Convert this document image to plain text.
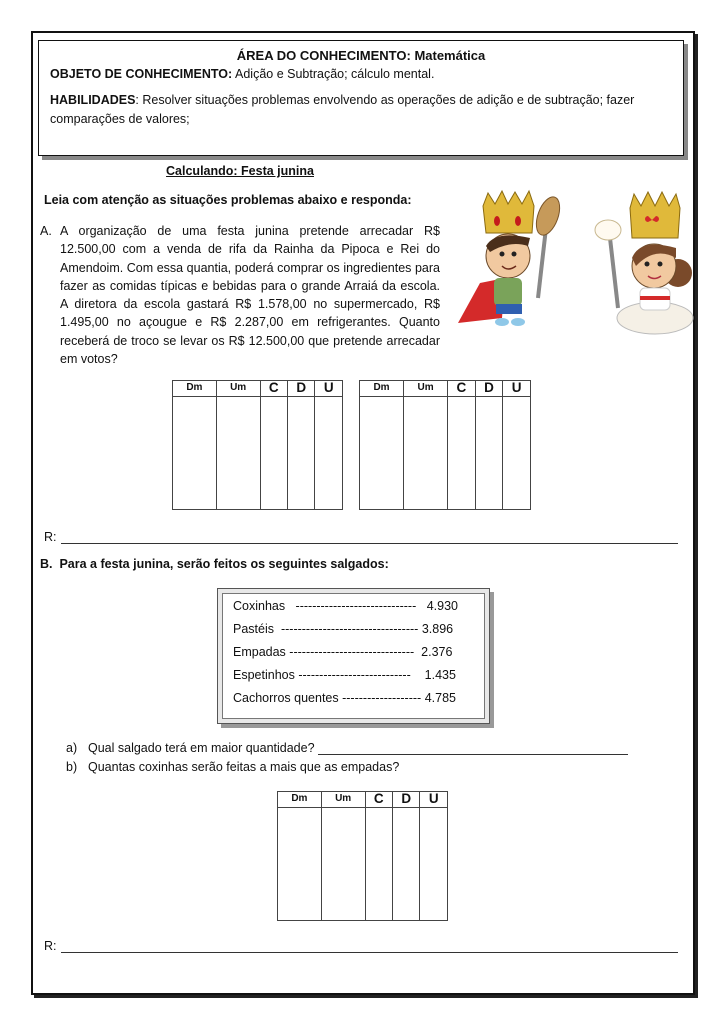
ÁREA DO CONHECIMENTO: Matemática
OBJETO DE CONHECIMENTO: Adição e Subtração; cálculo mental.
HABILIDADES: Resolver situações problemas envolvendo as operações de adição e de subtração; fazer comparações de valores;
Calculando: Festa junina
Leia com atenção as situações problemas abaixo e responda:
A. A organização de uma festa junina pretende arrecadar R$ 12.500,00 com a venda de rifa da Rainha da Pipoca e Rei do Amendoim. Com essa quantia, poderá comprar os ingredientes para fazer as comidas típicas e bebidas para o grande Arraiá da escola. A diretora da escola gastará R$ 1.578,00 no supermercado, R$ 1.495,00 no açougue e R$ 2.287,00 em refrigerantes. Quanto receberá de troco se levar os R$ 12.500,00 que pretende arrecadar em votos?
Dm	Um	C	D	U
					Dm	Um	C	D	U

R:
B. Para a festa junina, serão feitos os seguintes salgados:
Coxinhas ----------------------------- 4.930
Pastéis --------------------------------- 3.896
Empadas ------------------------------ 2.376
Espetinhos --------------------------- 1.435
Cachorros quentes ------------------- 4.785
a) Qual salgado terá em maior quantidade?
b) Quantas coxinhas serão feitas a mais que as empadas?
Dm	Um	C	D	U

R:
